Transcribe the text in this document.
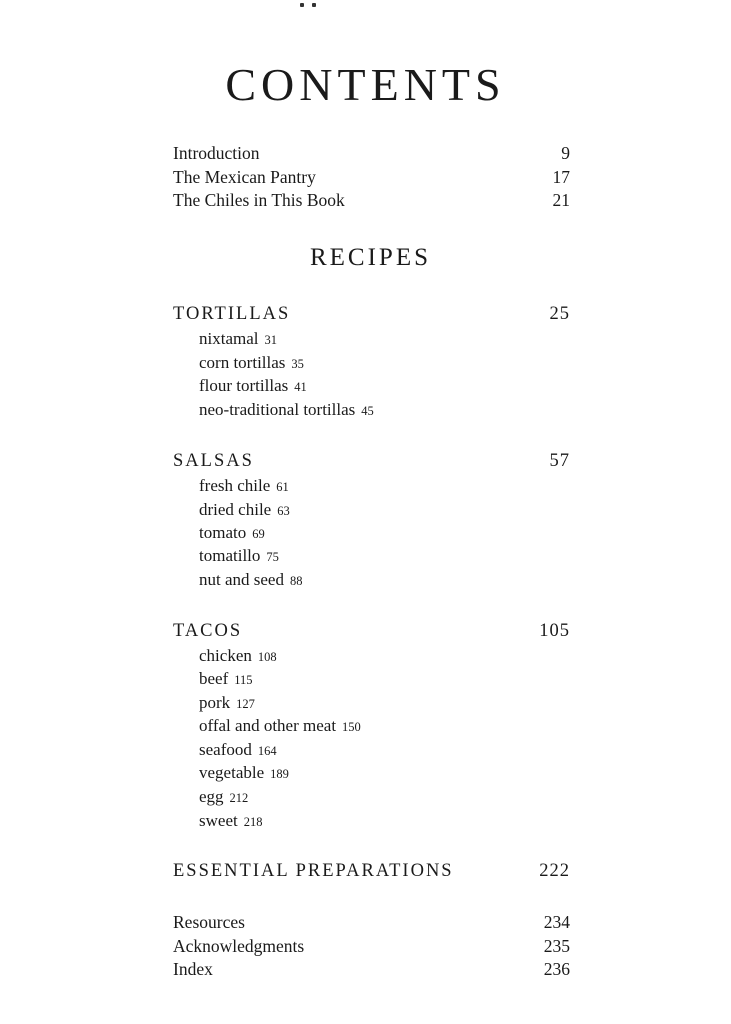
CONTENTS
Introduction	9
The Mexican Pantry	17
The Chiles in This Book	21
RECIPES
TORTILLAS	25
nixtamal 31
corn tortillas 35
flour tortillas 41
neo-traditional tortillas 45
SALSAS	57
fresh chile 61
dried chile 63
tomato 69
tomatillo 75
nut and seed 88
TACOS	105
chicken 108
beef 115
pork 127
offal and other meat 150
seafood 164
vegetable 189
egg 212
sweet 218
ESSENTIAL PREPARATIONS	222
Resources	234
Acknowledgments	235
Index	236
